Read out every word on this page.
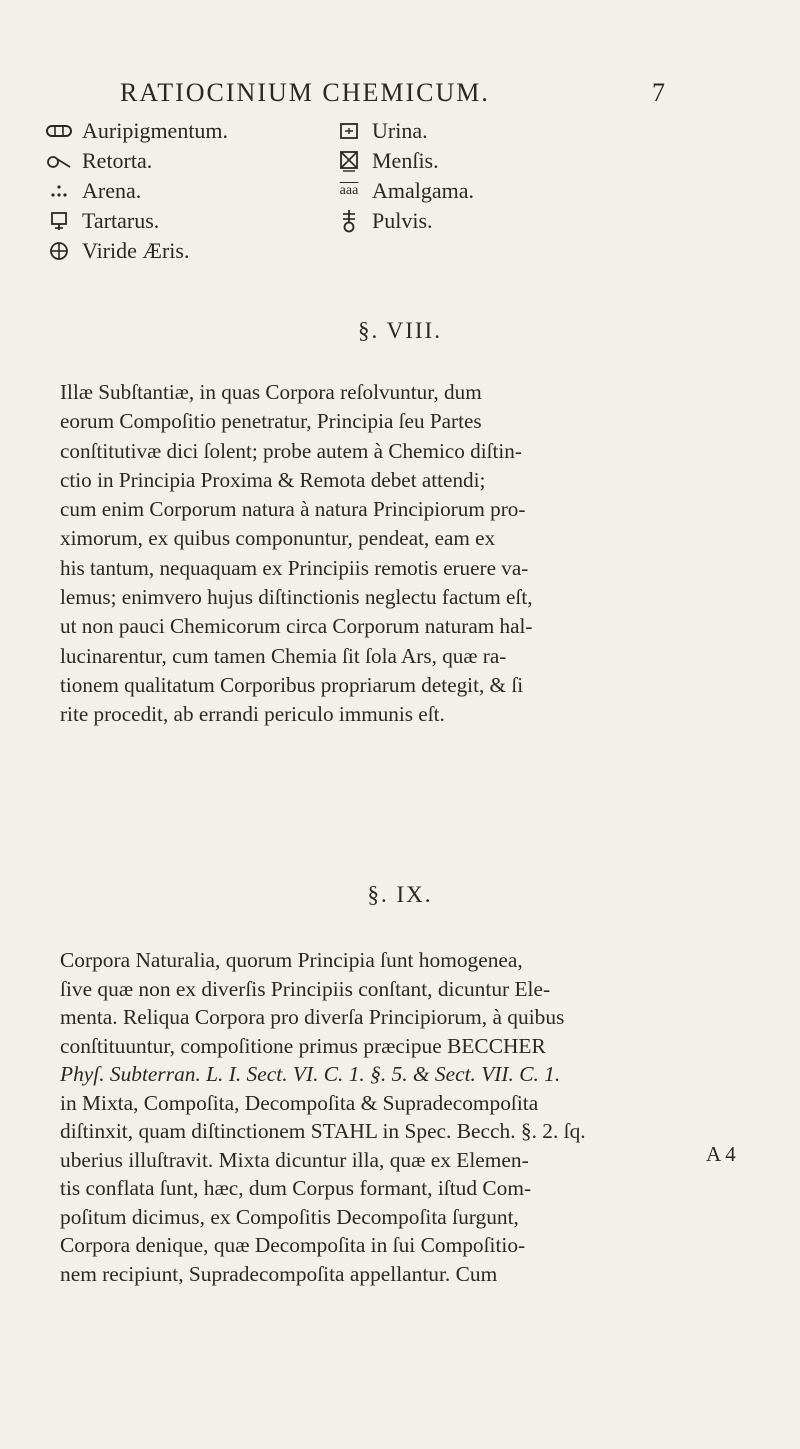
RATIOCINIUM CHEMICUM.	7
Auripigmentum.
Retorta.
Arena.
Tartarus.
Viride Æris.
Urina.
Menſis.
$\overline{aaa}$ Amalgama.
Pulvis.
§. VIII.
Illæ Subſtantiæ, in quas Corpora reſolvuntur, dum
eorum Compoſitio penetratur, Principia ſeu Partes
conſtitutivæ dici ſolent; probe autem à Chemico diſtin-
ctio in Principia Proxima & Remota debet attendi;
cum enim Corporum natura à natura Principiorum pro-
ximorum, ex quibus componuntur, pendeat, eam ex
his tantum, nequaquam ex Principiis remotis eruere va-
lemus; enimvero hujus diſtinctionis neglectu factum eſt,
ut non pauci Chemicorum circa Corporum naturam hal-
lucinarentur, cum tamen Chemia ſit ſola Ars, quæ ra-
tionem qualitatum Corporibus propriarum detegit, & ſi
rite procedit, ab errandi periculo immunis eſt.
§. IX.
Corpora Naturalia, quorum Principia ſunt homogenea,
ſive quæ non ex diverſis Principiis conſtant, dicuntur Ele-
menta. Reliqua Corpora pro diverſa Principiorum, à quibus
conſtituuntur, compoſitione primus præcipue BECCHER
Phyſ. Subterran. L. I. Sect. VI. C. 1. §. 5. & Sect. VII. C. 1.
in Mixta, Compoſita, Decompoſita & Supradecompoſita
diſtinxit, quam diſtinctionem STAHL in Spec. Becch. §. 2. ſq.
uberius illuſtravit. Mixta dicuntur illa, quæ ex Elemen-
tis conflata ſunt, hæc, dum Corpus formant, iſtud Com-
poſitum dicimus, ex Compoſitis Decompoſita ſurgunt,
Corpora denique, quæ Decompoſita in ſui Compoſitio-
nem recipiunt, Supradecompoſita appellantur. Cum
A 4
